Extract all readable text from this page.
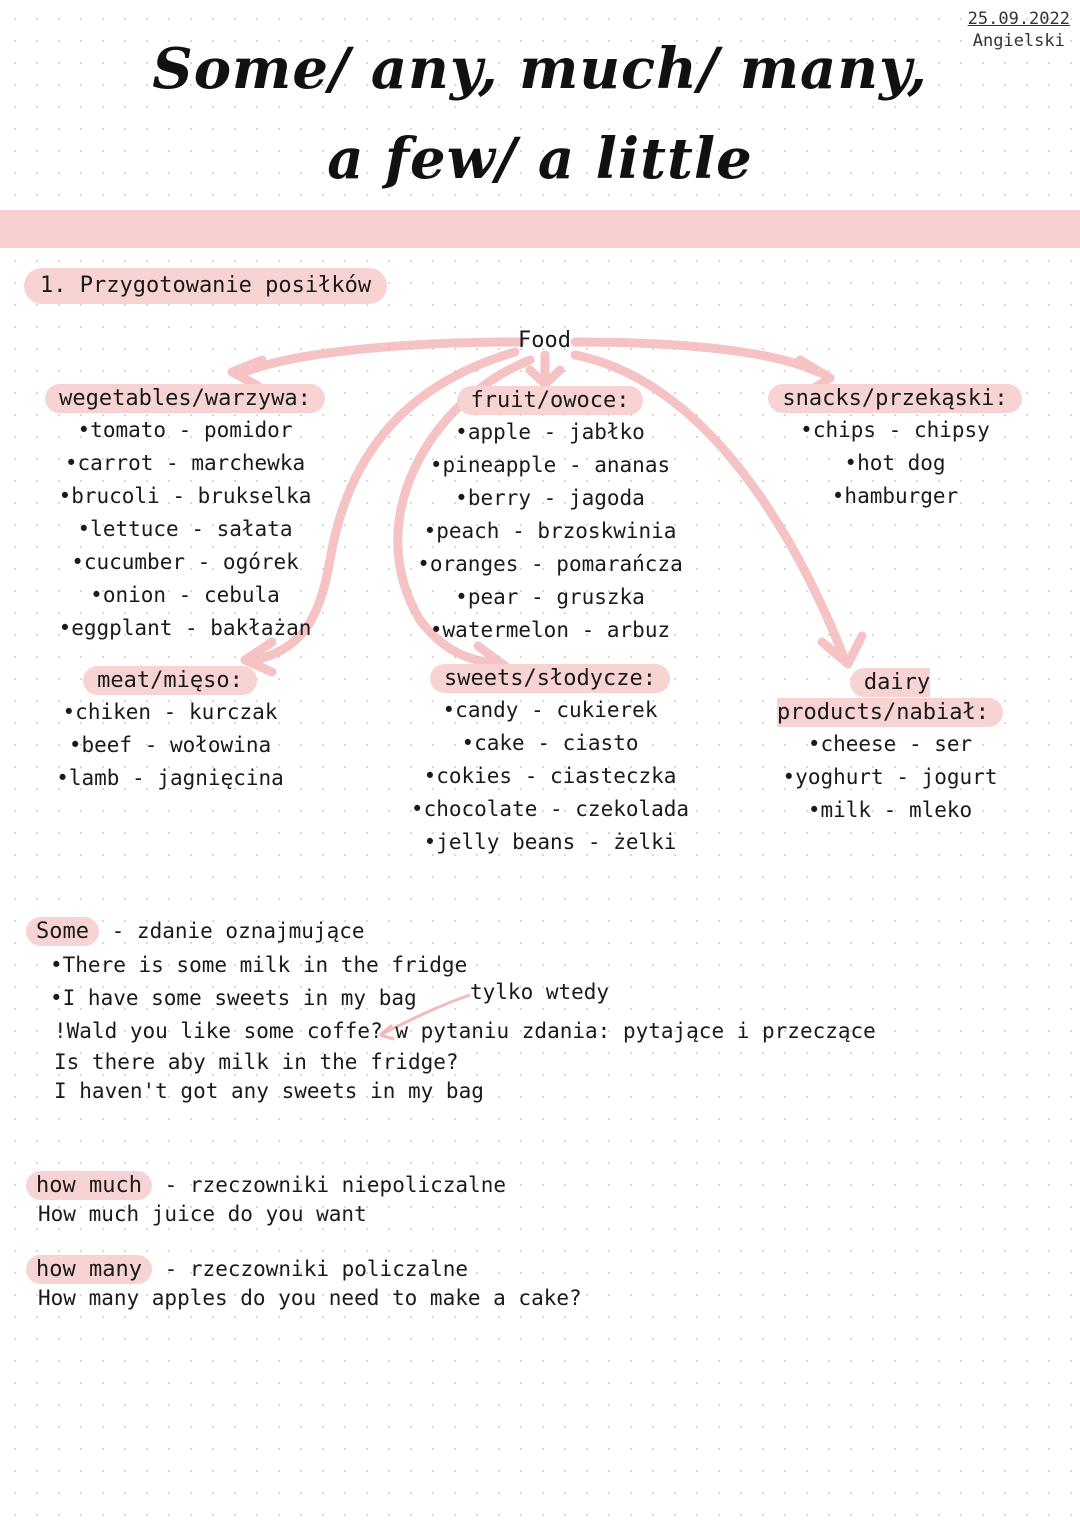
25.09.2022
Angielski
Some/ any, much/ many,
a few/ a little
1. Przygotowanie posiłków
Food
wegetables/warzywa:
•tomato - pomidor
•carrot - marchewka
•brucoli - brukselka
•lettuce - sałata
•cucumber - ogórek
•onion - cebula
•eggplant - bakłażan
fruit/owoce:
•apple - jabłko
•pineapple - ananas
•berry - jagoda
•peach - brzoskwinia
•oranges - pomarańcza
•pear - gruszka
•watermelon - arbuz
snacks/przekąski:
•chips - chipsy
•hot dog
•hamburger
meat/mięso:
•chiken - kurczak
•beef - wołowina
•lamb - jagnięcina
sweets/słodycze:
•candy - cukierek
•cake - ciasto
•cokies - ciasteczka
•chocolate - czekolada
•jelly beans - żelki
dairy products/nabiał:
•cheese - ser
•yoghurt - jogurt
•milk - mleko
Some - zdanie oznajmujące
•There is some milk in the fridge
•I have some sweets in my bag	tylko wtedy
!Wald you like some coffe? w pytaniu zdania: pytające i przeczące
Is there aby milk in the fridge?
I haven't got any sweets in my bag
how much - rzeczowniki niepoliczalne
How much juice do you want
how many - rzeczowniki policzalne
How many apples do you need to make a cake?
